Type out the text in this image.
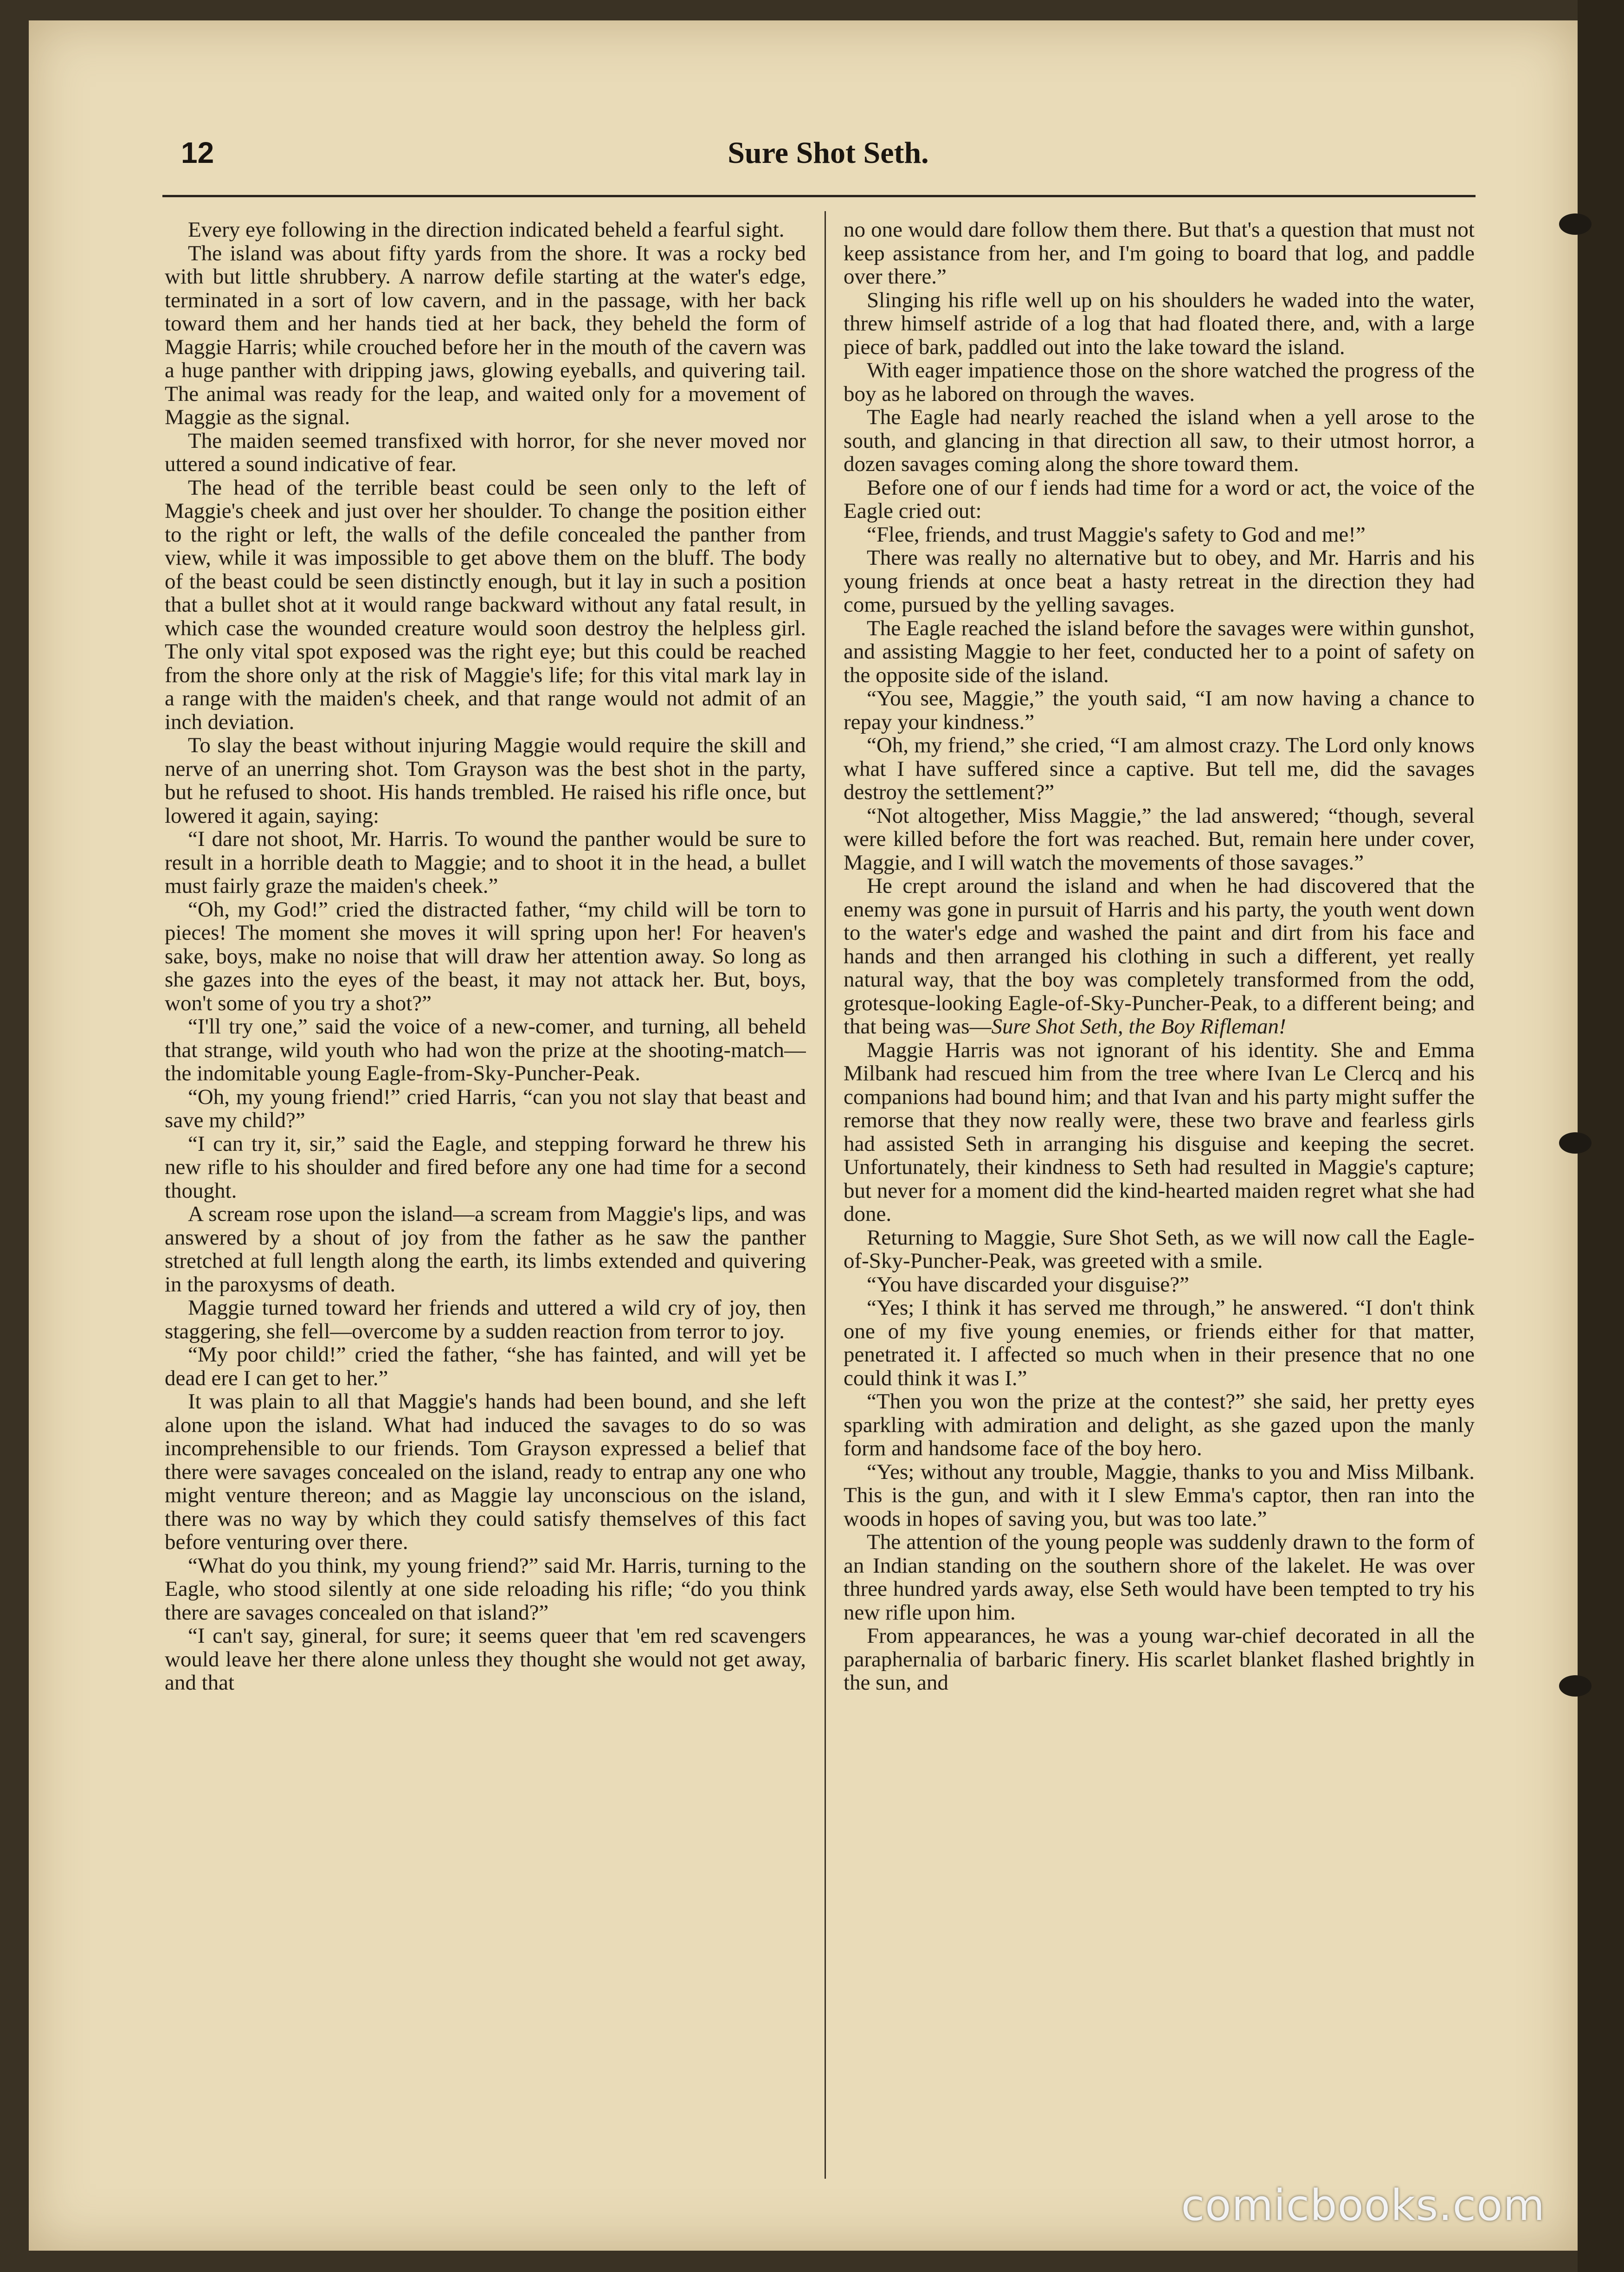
12	Sure Shot Seth.

Every eye following in the direction indicated beheld a fearful sight.

The island was about fifty yards from the shore. It was a rocky bed with but little shrubbery. A narrow defile starting at the water's edge, terminated in a sort of low cavern, and in the passage, with her back toward them and her hands tied at her back, they beheld the form of Maggie Harris; while crouched before her in the mouth of the cavern was a huge panther with dripping jaws, glowing eyeballs, and quivering tail. The animal was ready for the leap, and waited only for a movement of Maggie as the signal.

The maiden seemed transfixed with horror, for she never moved nor uttered a sound indicative of fear.

The head of the terrible beast could be seen only to the left of Maggie's cheek and just over her shoulder. To change the position either to the right or left, the walls of the defile concealed the panther from view, while it was impossible to get above them on the bluff. The body of the beast could be seen distinctly enough, but it lay in such a position that a bullet shot at it would range backward without any fatal result, in which case the wounded creature would soon destroy the helpless girl. The only vital spot exposed was the right eye; but this could be reached from the shore only at the risk of Maggie's life; for this vital mark lay in a range with the maiden's cheek, and that range would not admit of an inch deviation.

To slay the beast without injuring Maggie would require the skill and nerve of an unerring shot. Tom Grayson was the best shot in the party, but he refused to shoot. His hands trembled. He raised his rifle once, but lowered it again, saying:

“I dare not shoot, Mr. Harris. To wound the panther would be sure to result in a horrible death to Maggie; and to shoot it in the head, a bullet must fairly graze the maiden's cheek.”

“Oh, my God!” cried the distracted father, “my child will be torn to pieces! The moment she moves it will spring upon her! For heaven's sake, boys, make no noise that will draw her attention away. So long as she gazes into the eyes of the beast, it may not attack her. But, boys, won't some of you try a shot?”

“I'll try one,” said the voice of a new-comer, and turning, all beheld that strange, wild youth who had won the prize at the shooting-match—the indomitable young Eagle-from-Sky-Puncher-Peak.

“Oh, my young friend!” cried Harris, “can you not slay that beast and save my child?”

“I can try it, sir,” said the Eagle, and stepping forward he threw his new rifle to his shoulder and fired before any one had time for a second thought.

A scream rose upon the island—a scream from Maggie's lips, and was answered by a shout of joy from the father as he saw the panther stretched at full length along the earth, its limbs extended and quivering in the paroxysms of death.

Maggie turned toward her friends and uttered a wild cry of joy, then staggering, she fell—overcome by a sudden reaction from terror to joy.

“My poor child!” cried the father, “she has fainted, and will yet be dead ere I can get to her.”

It was plain to all that Maggie's hands had been bound, and she left alone upon the island. What had induced the savages to do so was incomprehensible to our friends. Tom Grayson expressed a belief that there were savages concealed on the island, ready to entrap any one who might venture thereon; and as Maggie lay unconscious on the island, there was no way by which they could satisfy themselves of this fact before venturing over there.

“What do you think, my young friend?” said Mr. Harris, turning to the Eagle, who stood silently at one side reloading his rifle; “do you think there are savages concealed on that island?”

“I can't say, gineral, for sure; it seems queer that 'em red scavengers would leave her there alone unless they thought she would not get away, and that

no one would dare follow them there. But that's a question that must not keep assistance from her, and I'm going to board that log, and paddle over there.”

Slinging his rifle well up on his shoulders he waded into the water, threw himself astride of a log that had floated there, and, with a large piece of bark, paddled out into the lake toward the island.

With eager impatience those on the shore watched the progress of the boy as he labored on through the waves.

The Eagle had nearly reached the island when a yell arose to the south, and glancing in that direction all saw, to their utmost horror, a dozen savages coming along the shore toward them.

Before one of our f iends had time for a word or act, the voice of the Eagle cried out:

“Flee, friends, and trust Maggie's safety to God and me!”

There was really no alternative but to obey, and Mr. Harris and his young friends at once beat a hasty retreat in the direction they had come, pursued by the yelling savages.

The Eagle reached the island before the savages were within gunshot, and assisting Maggie to her feet, conducted her to a point of safety on the opposite side of the island.

“You see, Maggie,” the youth said, “I am now having a chance to repay your kindness.”

“Oh, my friend,” she cried, “I am almost crazy. The Lord only knows what I have suffered since a captive. But tell me, did the savages destroy the settlement?”

“Not altogether, Miss Maggie,” the lad answered; “though, several were killed before the fort was reached. But, remain here under cover, Maggie, and I will watch the movements of those savages.”

He crept around the island and when he had discovered that the enemy was gone in pursuit of Harris and his party, the youth went down to the water's edge and washed the paint and dirt from his face and hands and then arranged his clothing in such a different, yet really natural way, that the boy was completely transformed from the odd, grotesque-looking Eagle-of-Sky-Puncher-Peak, to a different being; and that being was—Sure Shot Seth, the Boy Rifleman!

Maggie Harris was not ignorant of his identity. She and Emma Milbank had rescued him from the tree where Ivan Le Clercq and his companions had bound him; and that Ivan and his party might suffer the remorse that they now really were, these two brave and fearless girls had assisted Seth in arranging his disguise and keeping the secret. Unfortunately, their kindness to Seth had resulted in Maggie's capture; but never for a moment did the kind-hearted maiden regret what she had done.

Returning to Maggie, Sure Shot Seth, as we will now call the Eagle-of-Sky-Puncher-Peak, was greeted with a smile.

“You have discarded your disguise?”

“Yes; I think it has served me through,” he answered. “I don't think one of my five young enemies, or friends either for that matter, penetrated it. I affected so much when in their presence that no one could think it was I.”

“Then you won the prize at the contest?” she said, her pretty eyes sparkling with admiration and delight, as she gazed upon the manly form and handsome face of the boy hero.

“Yes; without any trouble, Maggie, thanks to you and Miss Milbank. This is the gun, and with it I slew Emma's captor, then ran into the woods in hopes of saving you, but was too late.”

The attention of the young people was suddenly drawn to the form of an Indian standing on the southern shore of the lakelet. He was over three hundred yards away, else Seth would have been tempted to try his new rifle upon him.

From appearances, he was a young war-chief decorated in all the paraphernalia of barbaric finery. His scarlet blanket flashed brightly in the sun, and

comicbooks.com
